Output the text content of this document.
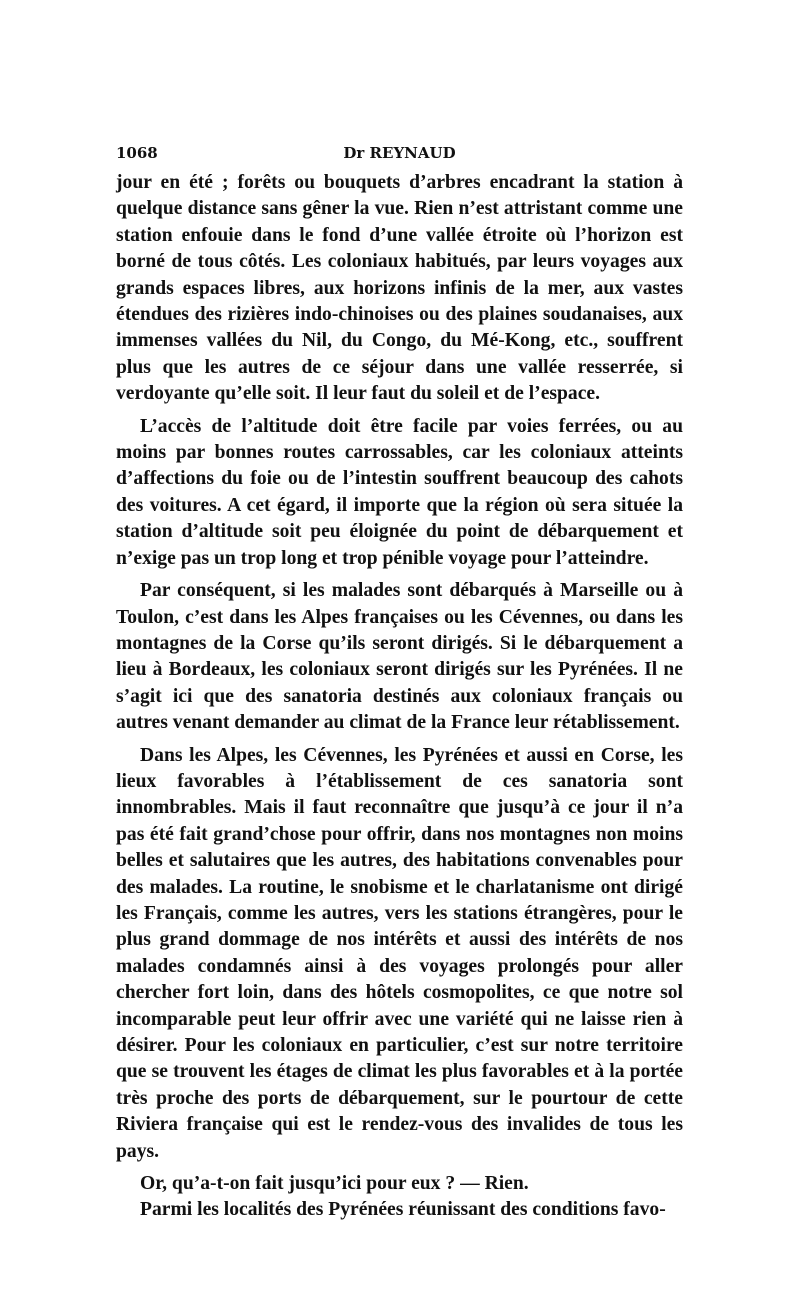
1068	Dr REYNAUD

jour en été ; forêts ou bouquets d’arbres encadrant la station à quelque distance sans gêner la vue. Rien n’est attristant comme une station enfouie dans le fond d’une vallée étroite où l’horizon est borné de tous côtés. Les coloniaux habitués, par leurs voyages aux grands espaces libres, aux horizons infinis de la mer, aux vastes étendues des rizières indo-chinoises ou des plaines soudanaises, aux immenses vallées du Nil, du Congo, du Mé-Kong, etc., souffrent plus que les autres de ce séjour dans une vallée resserrée, si verdoyante qu’elle soit. Il leur faut du soleil et de l’espace.

L’accès de l’altitude doit être facile par voies ferrées, ou au moins par bonnes routes carrossables, car les coloniaux atteints d’affections du foie ou de l’intestin souffrent beaucoup des cahots des voitures. A cet égard, il importe que la région où sera située la station d’altitude soit peu éloignée du point de débarquement et n’exige pas un trop long et trop pénible voyage pour l’atteindre.

Par conséquent, si les malades sont débarqués à Marseille ou à Toulon, c’est dans les Alpes françaises ou les Cévennes, ou dans les montagnes de la Corse qu’ils seront dirigés. Si le débarquement a lieu à Bordeaux, les coloniaux seront dirigés sur les Pyrénées. Il ne s’agit ici que des sanatoria destinés aux coloniaux français ou autres venant demander au climat de la France leur rétablissement.

Dans les Alpes, les Cévennes, les Pyrénées et aussi en Corse, les lieux favorables à l’établissement de ces sanatoria sont innombrables. Mais il faut reconnaître que jusqu’à ce jour il n’a pas été fait grand’chose pour offrir, dans nos montagnes non moins belles et salutaires que les autres, des habitations convenables pour des malades. La routine, le snobisme et le charlatanisme ont dirigé les Français, comme les autres, vers les stations étrangères, pour le plus grand dommage de nos intérêts et aussi des intérêts de nos malades condamnés ainsi à des voyages prolongés pour aller chercher fort loin, dans des hôtels cosmopolites, ce que notre sol incomparable peut leur offrir avec une variété qui ne laisse rien à désirer. Pour les coloniaux en particulier, c’est sur notre territoire que se trouvent les étages de climat les plus favorables et à la portée très proche des ports de débarquement, sur le pourtour de cette Riviera française qui est le rendez-vous des invalides de tous les pays.

Or, qu’a-t-on fait jusqu’ici pour eux ? — Rien.

Parmi les localités des Pyrénées réunissant des conditions favo-
